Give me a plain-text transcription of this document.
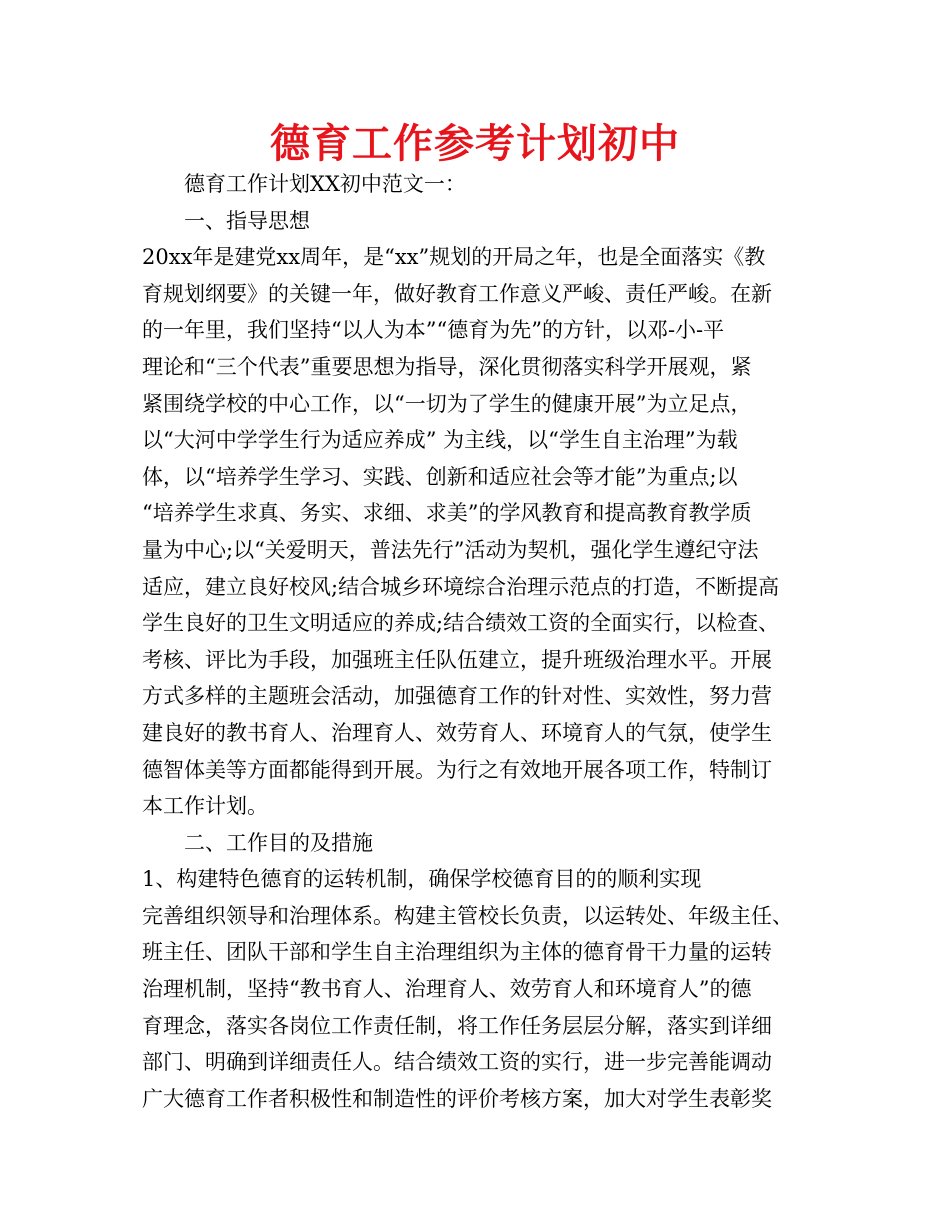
德育工作参考计划初中
德育工作计划XX初中范文一：
一、指导思想
20xx年是建党xx周年，是“xx”规划的开局之年，也是全面落实《教
育规划纲要》的关键一年，做好教育工作意义严峻、责任严峻。在新
的一年里，我们坚持“以人为本”“德育为先”的方针，以邓-小-平
理论和“三个代表”重要思想为指导，深化贯彻落实科学开展观，紧
紧围绕学校的中心工作，以“一切为了学生的健康开展”为立足点，
以“大河中学学生行为适应养成” 为主线，以“学生自主治理”为载
体，以“培养学生学习、实践、创新和适应社会等才能”为重点;以
“培养学生求真、务实、求细、求美”的学风教育和提高教育教学质
量为中心;以“关爱明天，普法先行”活动为契机，强化学生遵纪守法
适应，建立良好校风;结合城乡环境综合治理示范点的打造，不断提高
学生良好的卫生文明适应的养成;结合绩效工资的全面实行，以检查、
考核、评比为手段，加强班主任队伍建立，提升班级治理水平。开展
方式多样的主题班会活动，加强德育工作的针对性、实效性，努力营
建良好的教书育人、治理育人、效劳育人、环境育人的气氛，使学生
德智体美等方面都能得到开展。为行之有效地开展各项工作，特制订
本工作计划。
二、工作目的及措施
1、构建特色德育的运转机制，确保学校德育目的的顺利实现
完善组织领导和治理体系。构建主管校长负责，以运转处、年级主任、
班主任、团队干部和学生自主治理组织为主体的德育骨干力量的运转
治理机制，坚持“教书育人、治理育人、效劳育人和环境育人”的德
育理念，落实各岗位工作责任制，将工作任务层层分解，落实到详细
部门、明确到详细责任人。结合绩效工资的实行，进一步完善能调动
广大德育工作者积极性和制造性的评价考核方案，加大对学生表彰奖
